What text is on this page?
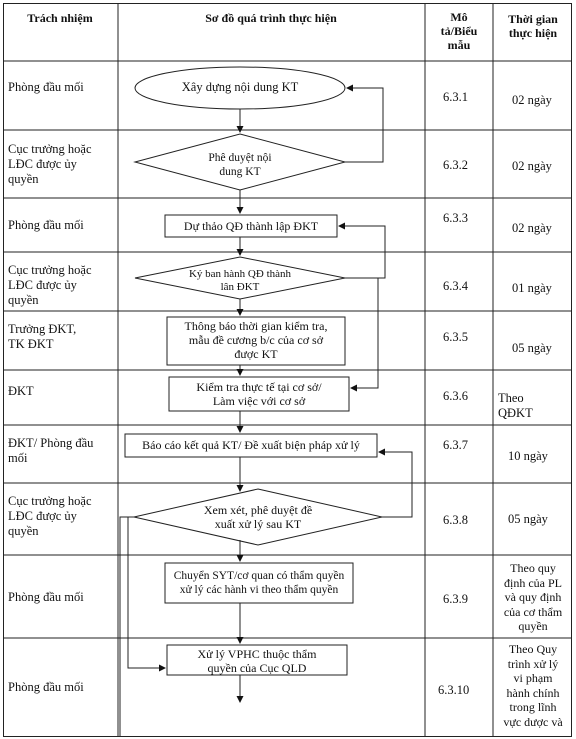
Trách nhiệm	Sơ đồ quá trình thực hiện	Mô
tả/Biểu
mẫu
Thời gian
thực hiện
Phòng đầu mối
Cục trưởng hoặc
LĐC được ủy
quyền
Phòng đầu mối
Cục trưởng hoặc
LĐC được ủy
quyền
Trưởng ĐKT,
TK ĐKT
ĐKT
ĐKT/ Phòng đầu
mối
Cục trưởng hoặc
LĐC được ủy
quyền
Phòng đầu mối
Phòng đầu mối
Xây dựng nội dung KT
Phê duyệt nội
dung KT
Dự thảo QĐ thành lập ĐKT
Ký ban hành QĐ thành
lân ĐKT
Thông báo thời gian kiểm tra,
mẫu đề cương b/c của cơ sở
được KT
Kiểm tra thực tế tại cơ sở/
Làm việc với cơ sở
Báo cáo kết quả KT/ Đề xuất biện pháp xử lý
Xem xét, phê duyệt đề
xuất xử lý sau KT
Chuyển SYT/cơ quan có thẩm quyền
xử lý các hành vi theo thẩm quyền
Xử lý VPHC thuộc thẩm
quyền của Cục QLD
6.3.1
6.3.2
6.3.3
6.3.4
6.3.5
6.3.6
6.3.7
6.3.8
6.3.9
6.3.10
02 ngày
02 ngày
02 ngày
01 ngày
05 ngày
Theo
QĐKT
10 ngày
05 ngày
Theo quy
định của PL
và quy định
của cơ thẩm
quyền
Theo Quy
trình xử lý
vi phạm
hành chính
trong lĩnh
vực dược và
